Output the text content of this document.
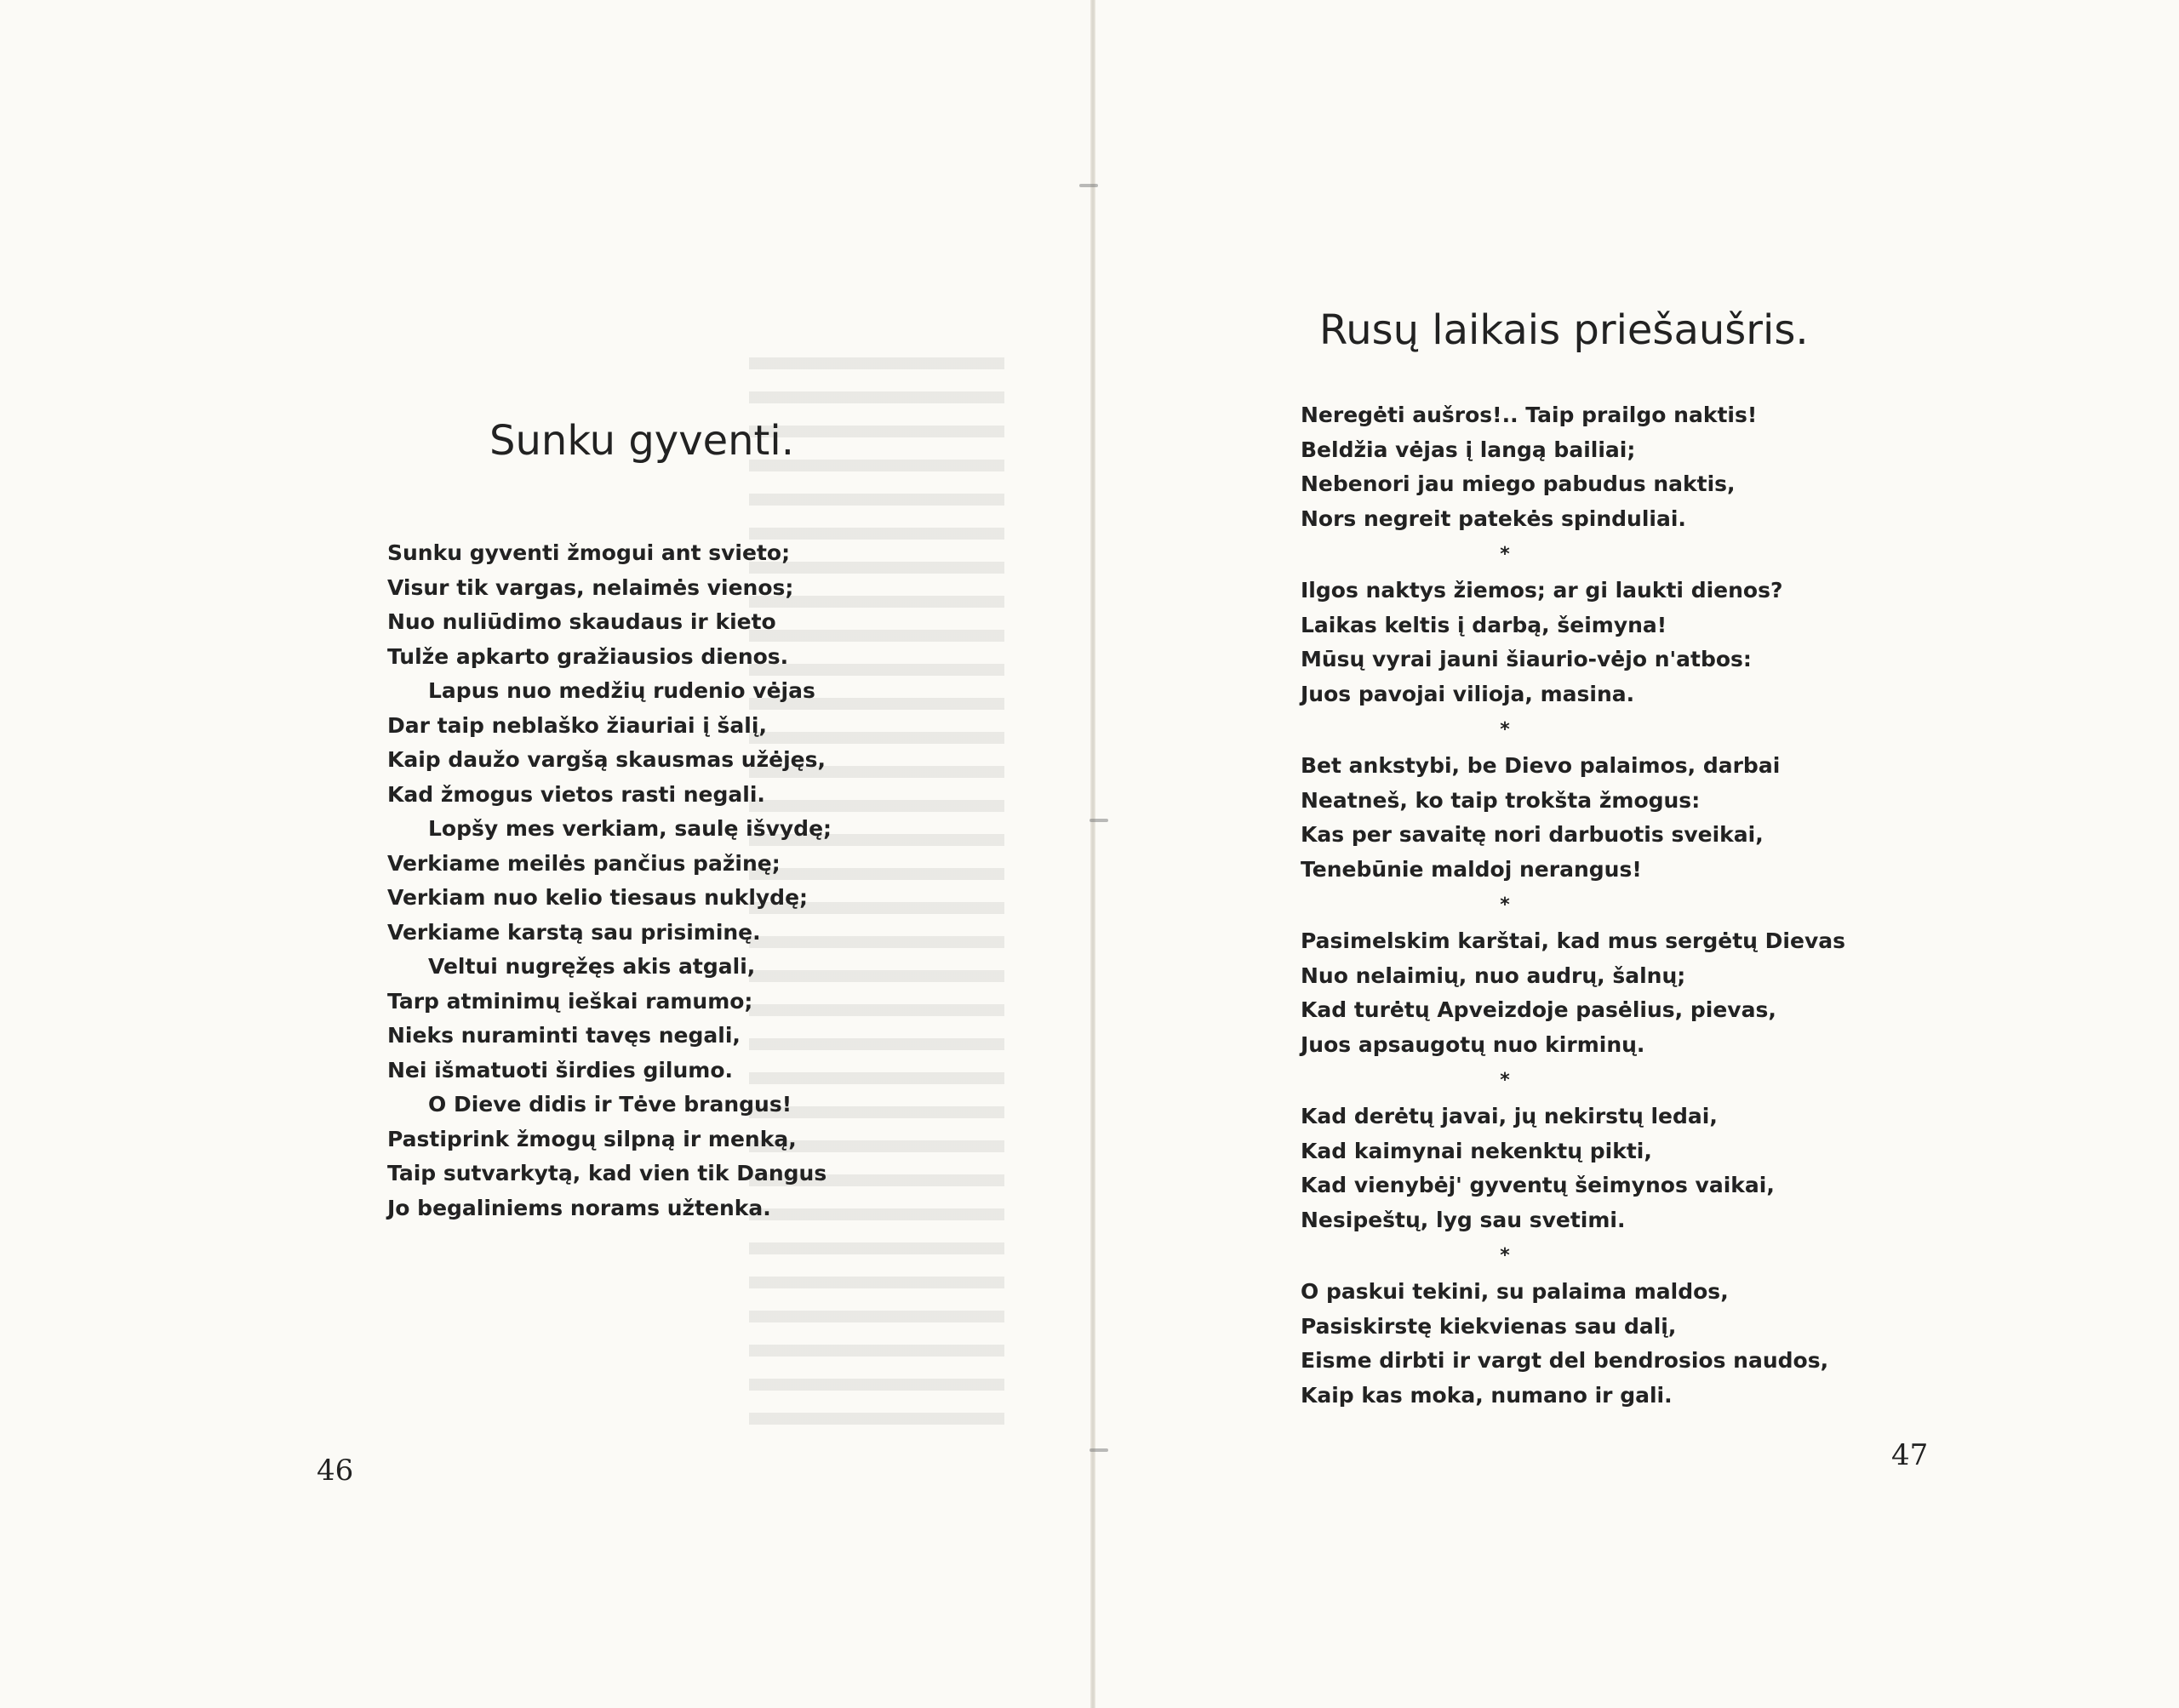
Sunku gyventi.
Sunku gyventi žmogui ant svieto;
Visur tik vargas, nelaimės vienos;
Nuo nuliūdimo skaudaus ir kieto
Tulže apkarto gražiausios dienos.
Lapus nuo medžių rudenio vėjas
Dar taip neblaško žiauriai į šalį,
Kaip daužo vargšą skausmas užėjęs,
Kad žmogus vietos rasti negali.
Lopšy mes verkiam, saulę išvydę;
Verkiame meilės pančius pažinę;
Verkiam nuo kelio tiesaus nuklydę;
Verkiame karstą sau prisiminę.
Veltui nugręžęs akis atgali,
Tarp atminimų ieškai ramumo;
Nieks nuraminti tavęs negali,
Nei išmatuoti širdies gilumo.
O Dieve didis ir Tėve brangus!
Pastiprink žmogų silpną ir menką,
Taip sutvarkytą, kad vien tik Dangus
Jo begaliniems norams užtenka.
46
Rusų laikais priešaušris.
Neregėti aušros!.. Taip prailgo naktis!
Beldžia vėjas į langą bailiai;
Nebenori jau miego pabudus naktis,
Nors negreit patekės spinduliai.
*
Ilgos naktys žiemos; ar gi laukti dienos?
Laikas keltis į darbą, šeimyna!
Mūsų vyrai jauni šiaurio-vėjo n'atbos:
Juos pavojai vilioja, masina.
*
Bet ankstybi, be Dievo palaimos, darbai
Neatneš, ko taip trokšta žmogus:
Kas per savaitę nori darbuotis sveikai,
Tenebūnie maldoj nerangus!
*
Pasimelskim karštai, kad mus sergėtų Dievas
Nuo nelaimių, nuo audrų, šalnų;
Kad turėtų Apveizdoje pasėlius, pievas,
Juos apsaugotų nuo kirminų.
*
Kad derėtų javai, jų nekirstų ledai,
Kad kaimynai nekenktų pikti,
Kad vienybėj' gyventų šeimynos vaikai,
Nesipeštų, lyg sau svetimi.
*
O paskui tekini, su palaima maldos,
Pasiskirstę kiekvienas sau dalį,
Eisme dirbti ir vargt del bendrosios naudos,
Kaip kas moka, numano ir gali.
47
